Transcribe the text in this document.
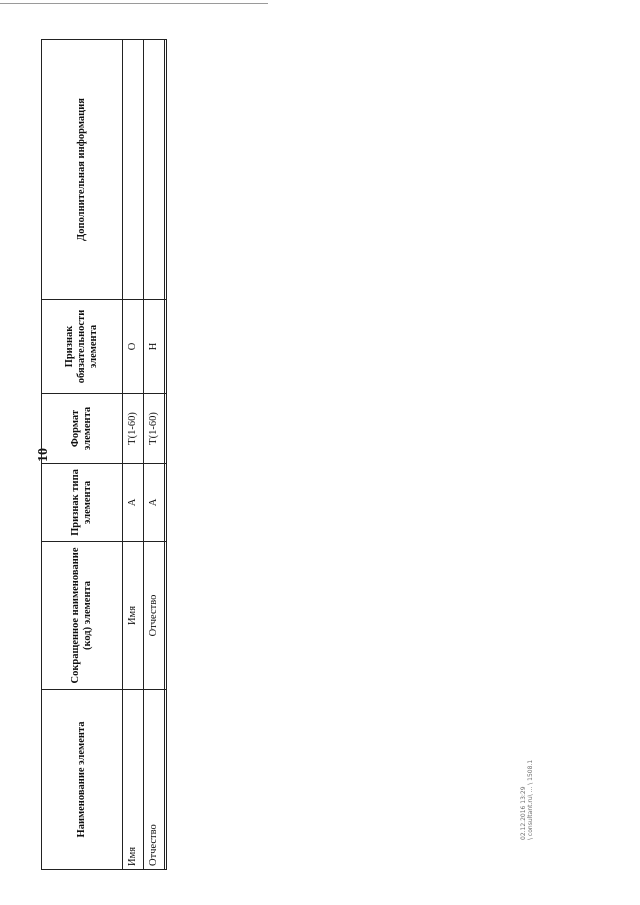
10
Наименование элемента	Сокращенное наименование (код) элемента	Признак типа элемента	Формат элемента	Признак обязательности элемента	Дополнительная информация
Имя	Имя	А	Т(1-60)	О	
Отчество	Отчество	А	Т(1-60)	Н	

02.12.2016 13:29 \ consultant.ru\ ... \ 1508.1
